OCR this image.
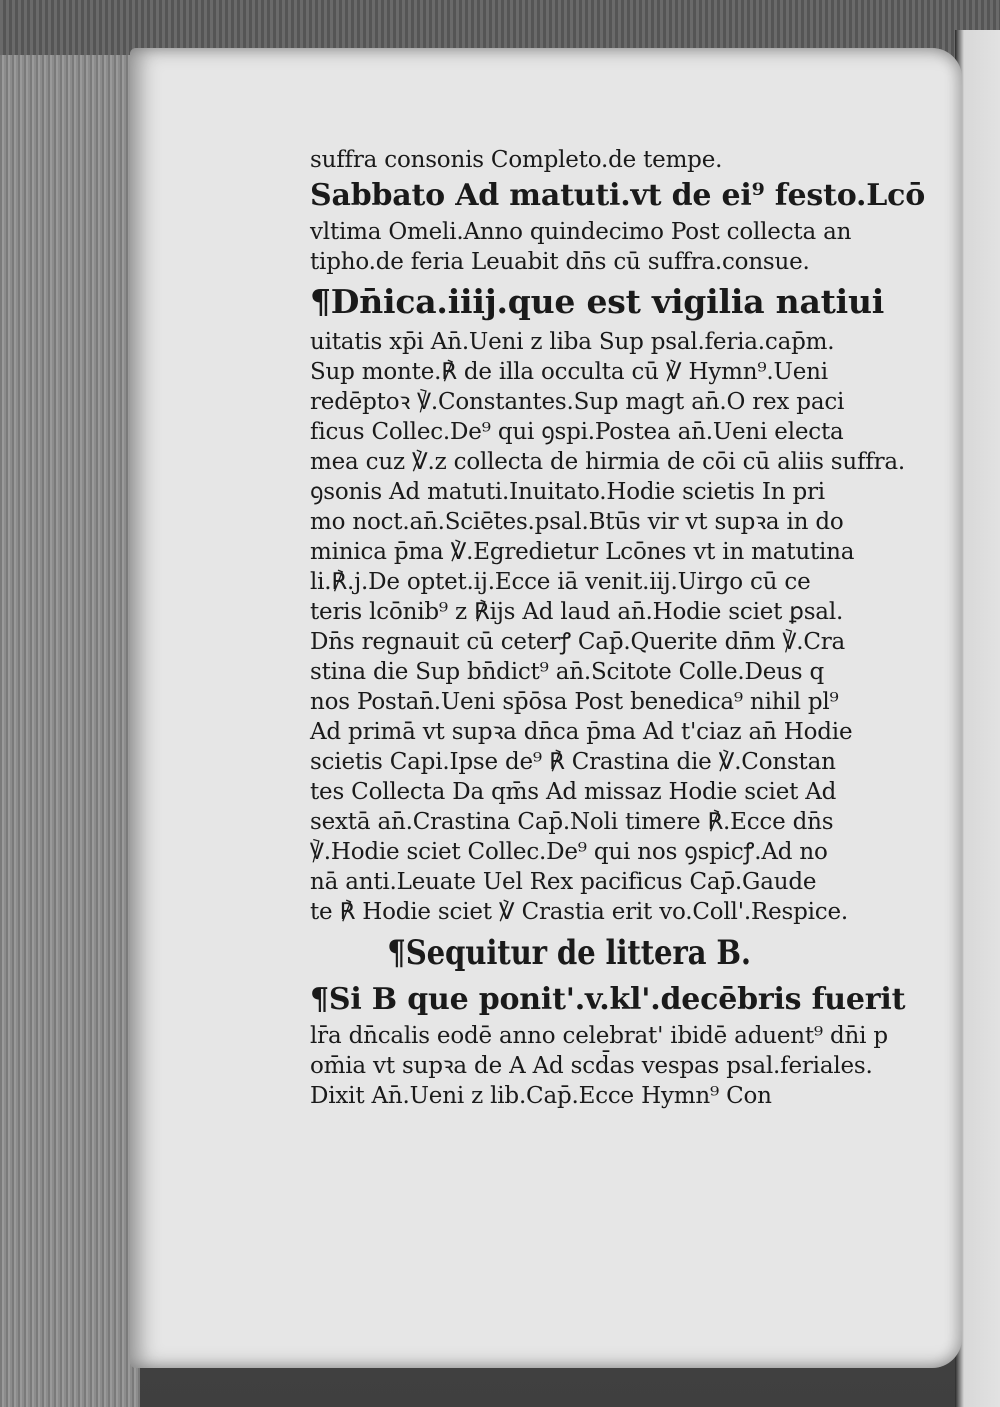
suffra consonis Completo.de tempe.
Sabbato Ad matuti.vt de ei⁹ festo.Lcō
vltima Omeli.Anno quindecimo Post collecta an
tipho.de feria Leuabit dn̄s cū suffra.consue.
¶Dn̄ica.iiij.que est vigilia natiui
uitatis xp̄i An̄.Ueni z liba Sup psal.feria.cap̄m.
Sup monte.℟ de illa occulta cū ℣ Hymn⁹.Ueni
redēptoꝛ ℣.Constantes.Sup magt an̄.O rex paci
ficus Collec.De⁹ qui ꝯspi.Postea an̄.Ueni electa
mea cuz ℣.z collecta de hirmia de cōi cū aliis suffra.
ꝯsonis Ad matuti.Inuitato.Hodie scietis In pri
mo noct.an̄.Sciētes.psal.Btūs vir vt supꝛa in do
minica p̄ma ℣.Egredietur Lcōnes vt in matutina
li.℟.j.De optet.ij.Ecce iā venit.iij.Uirgo cū ce
teris lcōnib⁹ z ℟ijs Ad laud an̄.Hodie sciet ꝑsal.
Dn̄s regnauit cū ceterꝭ Cap̄.Querite dn̄m ℣.Cra
stina die Sup bn̄dict⁹ an̄.Scitote Colle.Deus q
nos Postan̄.Ueni sp̄ōsa Post benedica⁹ nihil pl⁹
Ad primā vt supꝛa dn̄ca p̄ma Ad t'ciaz an̄ Hodie
scietis Capi.Ipse de⁹ ℟ Crastina die ℣.Constan
tes Collecta Da qm̄s Ad missaz Hodie sciet Ad
sextā an̄.Crastina Cap̄.Noli timere ℟.Ecce dn̄s
℣.Hodie sciet Collec.De⁹ qui nos ꝯspicꝭ.Ad no
nā anti.Leuate Uel Rex pacificus Cap̄.Gaude
te ℟ Hodie sciet ℣ Crastia erit vo.Coll'.Respice.
¶Sequitur de littera B.
¶Si B que ponit'.v.kl'.decēbris fuerit
lr̄a dn̄calis eodē anno celebrat' ibidē aduent⁹ dn̄i p
om̄ia vt supꝛa de A Ad scd̄as vespas psal.feriales.
Dixit An̄.Ueni z lib.Cap̄.Ecce Hymn⁹ Con
